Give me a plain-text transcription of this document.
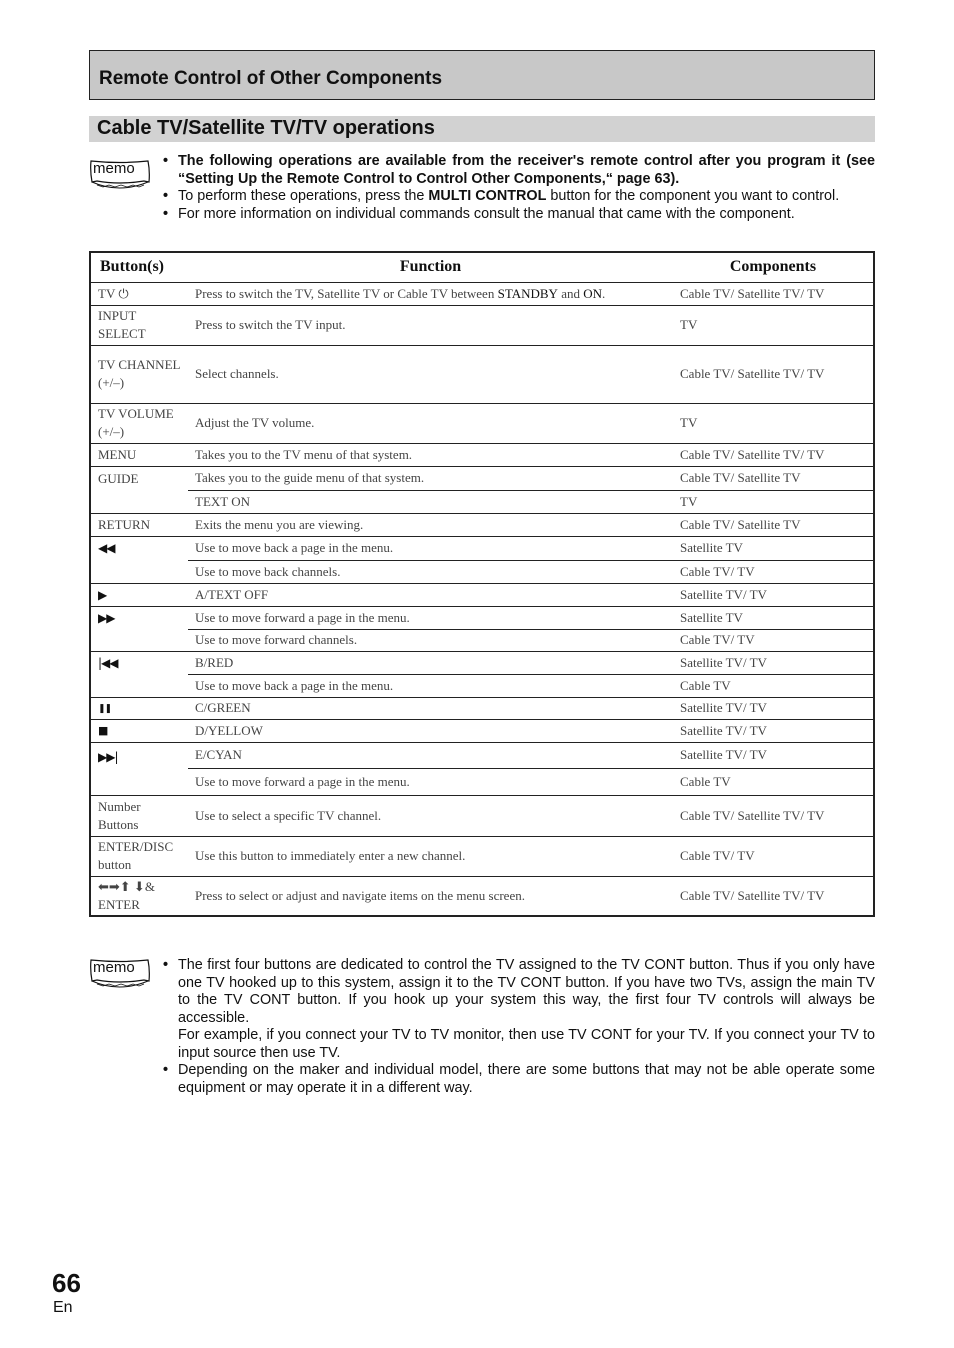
Remote Control of Other Components
Cable TV/Satellite TV/TV operations
memo	• The following operations are available from the receiver's remote control after you program it (see “Setting Up the Remote Control to Control Other Components,“ page 63).
• To perform these operations, press the MULTI CONTROL button for the component you want to control.
• For more information on individual commands consult the manual that came with the component.
Button(s)	Function	Components
TV ⏻	Press to switch the TV, Satellite TV or Cable TV between STANDBY and ON.	Cable TV/ Satellite TV/ TV
INPUT SELECT	Press to switch the TV input.	TV
TV CHANNEL (+/–)	Select channels.	Cable TV/ Satellite TV/ TV
TV VOLUME (+/–)	Adjust the TV volume.	TV
MENU	Takes you to the TV menu of that system.	Cable TV/ Satellite TV/ TV
GUIDE	Takes you to the guide menu of that system.	Cable TV/ Satellite TV
	TEXT ON	TV
RETURN	Exits the menu you are viewing.	Cable TV/ Satellite TV
◀◀	Use to move back a page in the menu.	Satellite TV
	Use to move back channels.	Cable TV/ TV
▶	A/TEXT OFF	Satellite TV/ TV
▶▶	Use to move forward a page in the menu.	Satellite TV
	Use to move forward channels.	Cable TV/ TV
|◀◀	B/RED	Satellite TV/ TV
	Use to move back a page in the menu.	Cable TV
❚❚	C/GREEN	Satellite TV/ TV
■	D/YELLOW	Satellite TV/ TV
▶▶|	E/CYAN	Satellite TV/ TV
	Use to move forward a page in the menu.	Cable TV
Number Buttons	Use to select a specific TV channel.	Cable TV/ Satellite TV/ TV
ENTER/DISC button	Use this button to immediately enter a new channel.	Cable TV/ TV
⬅➡⬆ ⬇& ENTER	Press to select or adjust and navigate items on the menu screen.	Cable TV/ Satellite TV/ TV
memo	• The first four buttons are dedicated to control the TV assigned to the TV CONT button. Thus if you only have one TV hooked up to this system, assign it to the TV CONT button. If you have two TVs, assign the main TV to the TV CONT button. If you hook up your system this way, the first four TV controls will always be accessible.
For example, if you connect your TV to TV monitor, then use TV CONT for your TV. If you connect your TV to input source then use TV.
• Depending on the maker and individual model, there are some buttons that may not be able operate some equipment or may operate it in a different way.
66
En
